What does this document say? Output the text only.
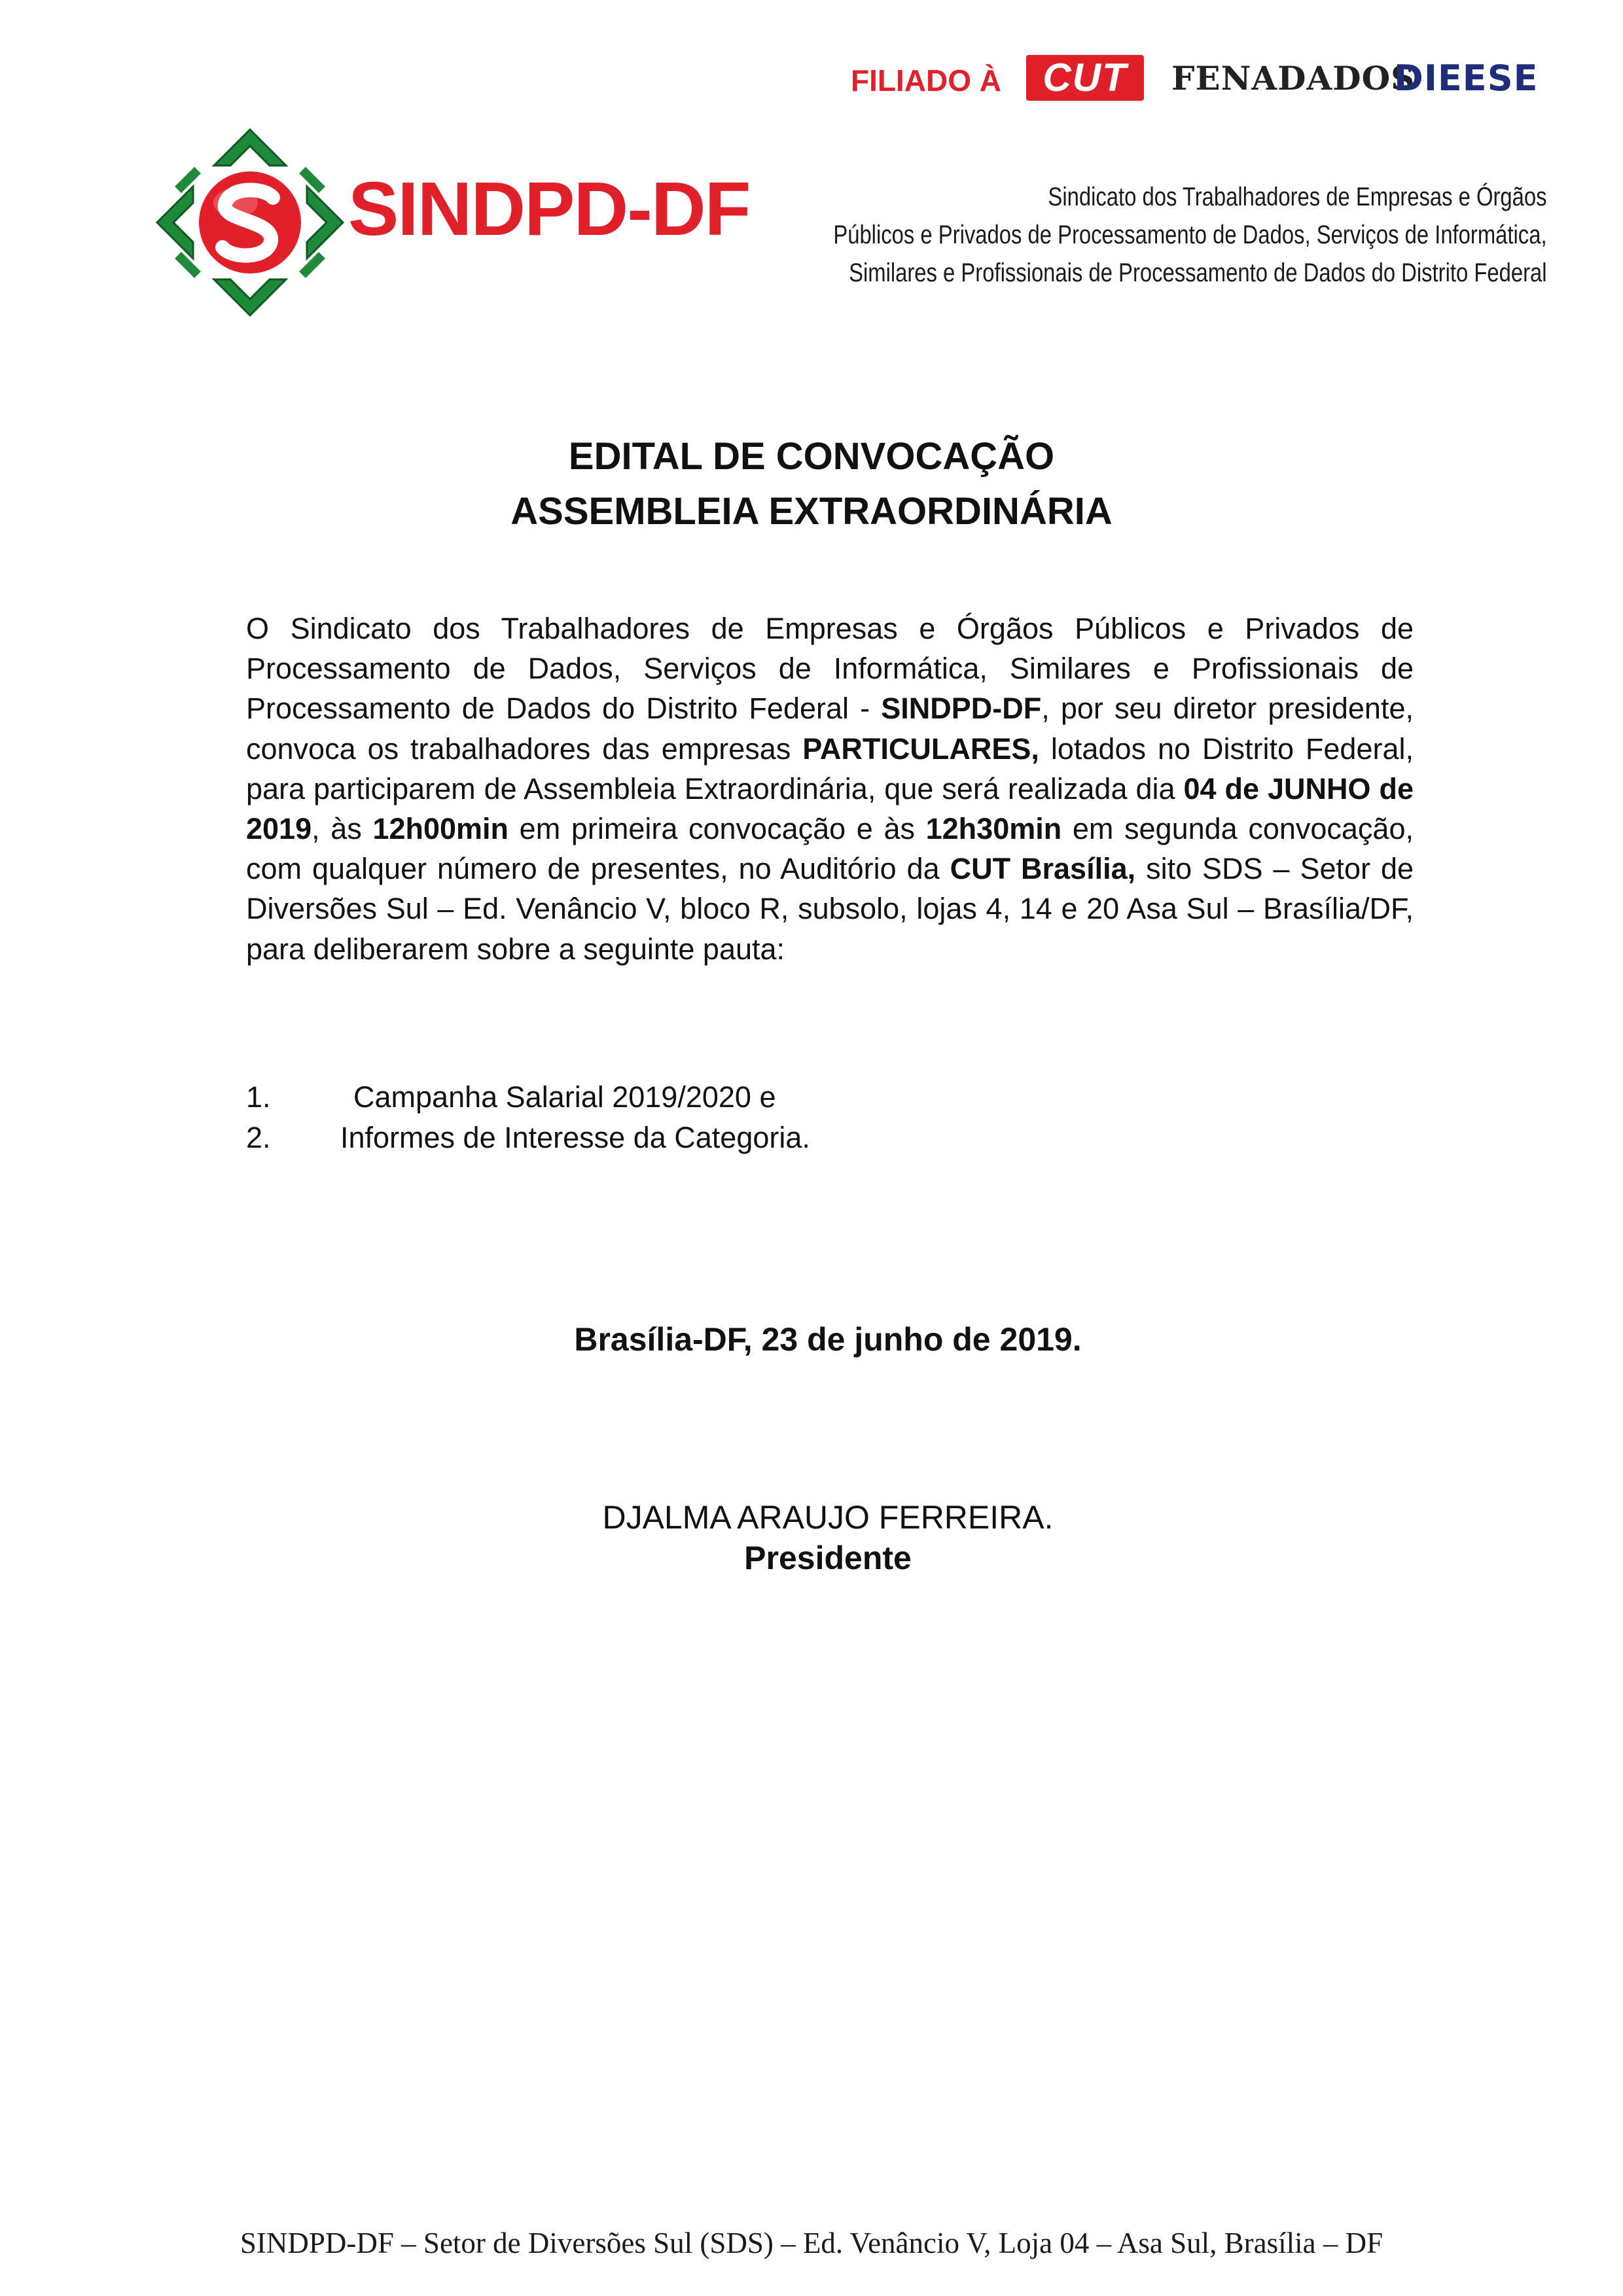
SINDPD-DF
FILIADO À	CUT	FENADADOS
DIEESE
Sindicato dos Trabalhadores de Empresas e Órgãos
Públicos e Privados de Processamento de Dados, Serviços de Informática,
Similares e Profissionais de Processamento de Dados do Distrito Federal
EDITAL DE CONVOCAÇÃO
ASSEMBLEIA EXTRAORDINÁRIA
O Sindicato dos Trabalhadores de Empresas e Órgãos Públicos e Privados de Processamento de Dados, Serviços de Informática, Similares e Profissionais de Processamento de Dados do Distrito Federal - SINDPD-DF, por seu diretor presidente, convoca os trabalhadores das empresas PARTICULARES, lotados no Distrito Federal, para participarem de Assembleia Extraordinária, que será realizada dia 04 de JUNHO de 2019, às 12h00min em primeira convocação e às 12h30min em segunda convocação, com qualquer número de presentes, no Auditório da CUT Brasília, sito SDS – Setor de Diversões Sul – Ed. Venâncio V, bloco R, subsolo, lojas 4, 14 e 20 Asa Sul – Brasília/DF, para deliberarem sobre a seguinte pauta:
1.	Campanha Salarial 2019/2020 e
2. Informes de Interesse da Categoria.
Brasília-DF, 23 de junho de 2019.
DJALMA ARAUJO FERREIRA.
Presidente
SINDPD-DF – Setor de Diversões Sul (SDS) – Ed. Venâncio V, Loja 04 – Asa Sul, Brasília – DF
